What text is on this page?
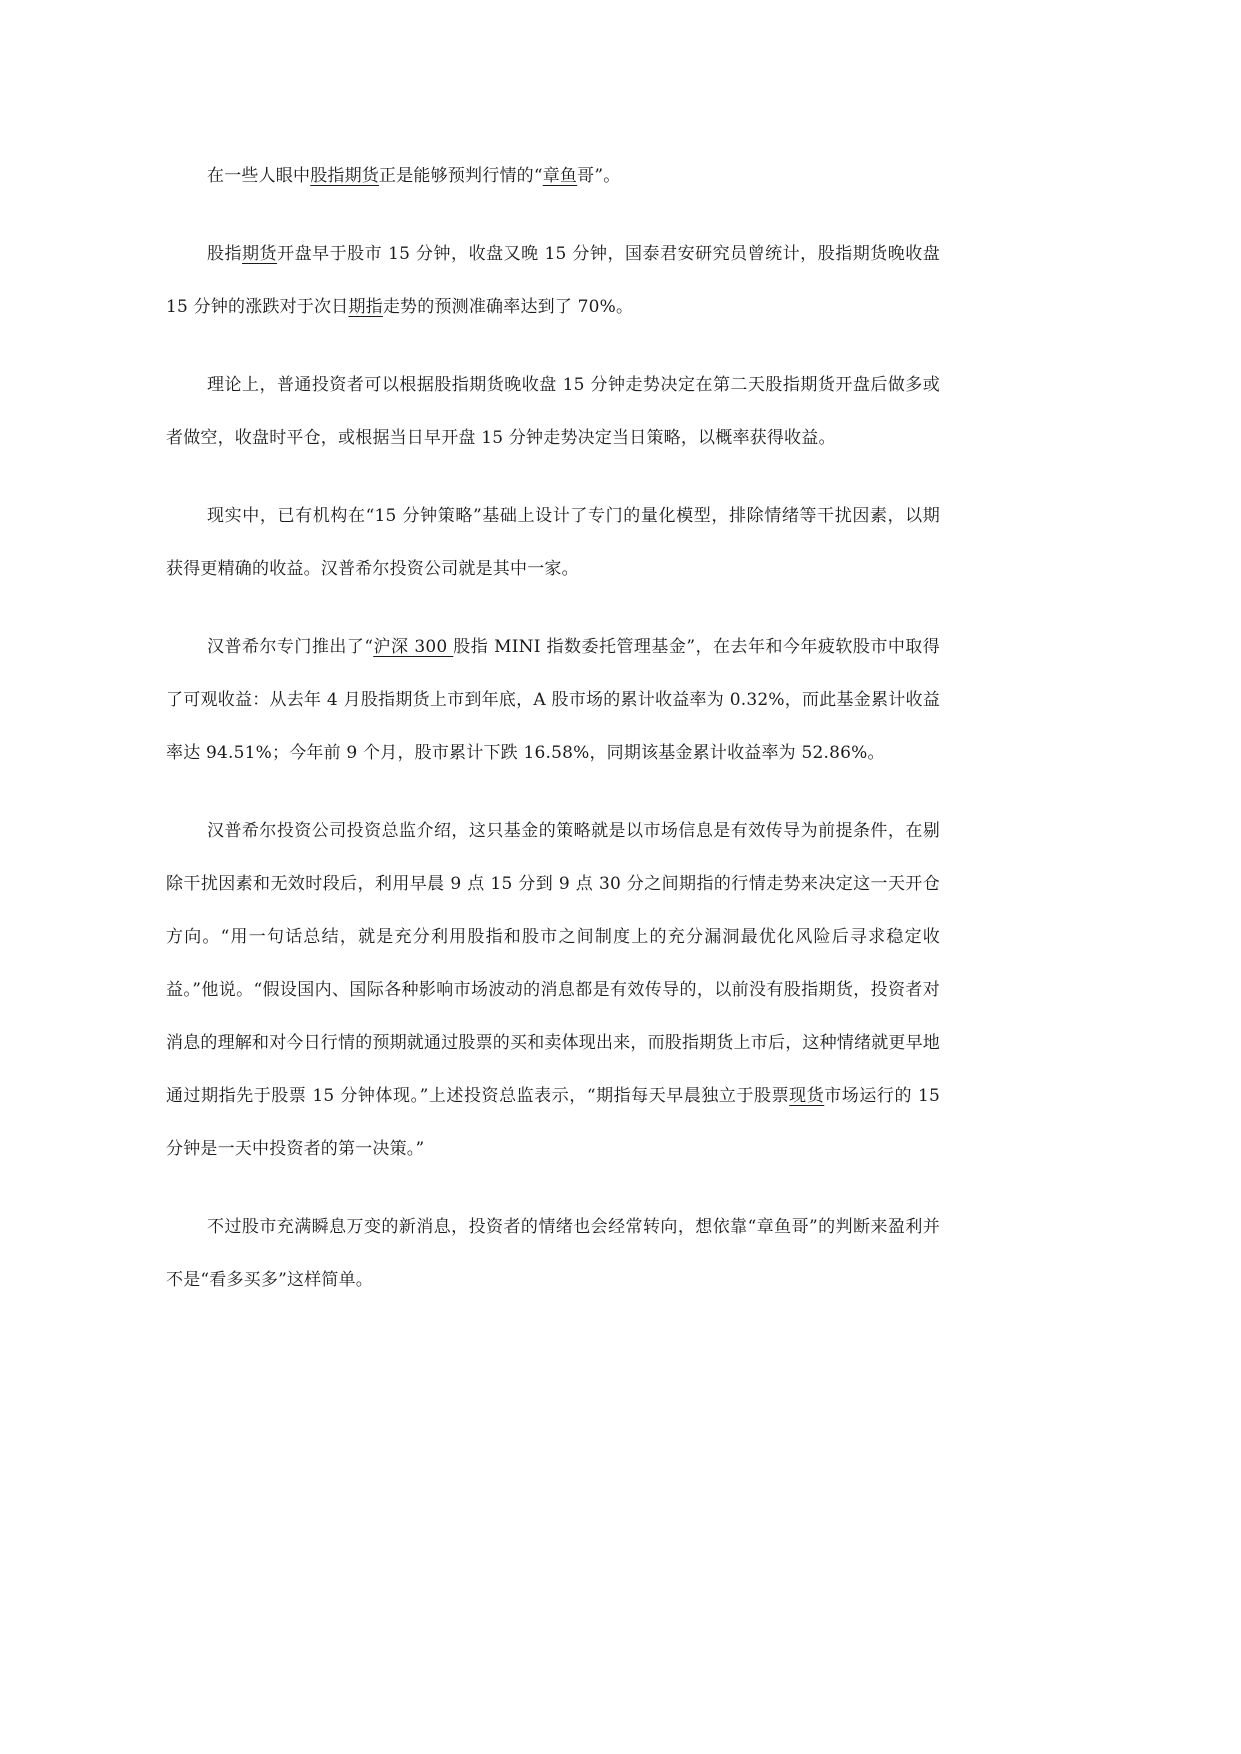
在一些人眼中股指期货正是能够预判行情的“章鱼哥”。

股指期货开盘早于股市 15 分钟，收盘又晚 15 分钟，国泰君安研究员曾统计，股指期货晚收盘 15 分钟的涨跌对于次日期指走势的预测准确率达到了 70%。

理论上，普通投资者可以根据股指期货晚收盘 15 分钟走势决定在第二天股指期货开盘后做多或者做空，收盘时平仓，或根据当日早开盘 15 分钟走势决定当日策略，以概率获得收益。

现实中，已有机构在“15 分钟策略”基础上设计了专门的量化模型，排除情绪等干扰因素，以期获得更精确的收益。汉普希尔投资公司就是其中一家。

汉普希尔专门推出了“沪深 300 股指 MINI 指数委托管理基金”，在去年和今年疲软股市中取得了可观收益：从去年 4 月股指期货上市到年底，A 股市场的累计收益率为 0.32%，而此基金累计收益率达 94.51%；今年前 9 个月，股市累计下跌 16.58%，同期该基金累计收益率为 52.86%。

汉普希尔投资公司投资总监介绍，这只基金的策略就是以市场信息是有效传导为前提条件，在剔除干扰因素和无效时段后，利用早晨 9 点 15 分到 9 点 30 分之间期指的行情走势来决定这一天开仓方向。“用一句话总结，就是充分利用股指和股市之间制度上的充分漏洞最优化风险后寻求稳定收益。”他说。“假设国内、国际各种影响市场波动的消息都是有效传导的，以前没有股指期货，投资者对消息的理解和对今日行情的预期就通过股票的买和卖体现出来，而股指期货上市后，这种情绪就更早地通过期指先于股票 15 分钟体现。”上述投资总监表示，“期指每天早晨独立于股票现货市场运行的 15 分钟是一天中投资者的第一决策。”

不过股市充满瞬息万变的新消息，投资者的情绪也会经常转向，想依靠“章鱼哥”的判断来盈利并不是“看多买多”这样简单。
